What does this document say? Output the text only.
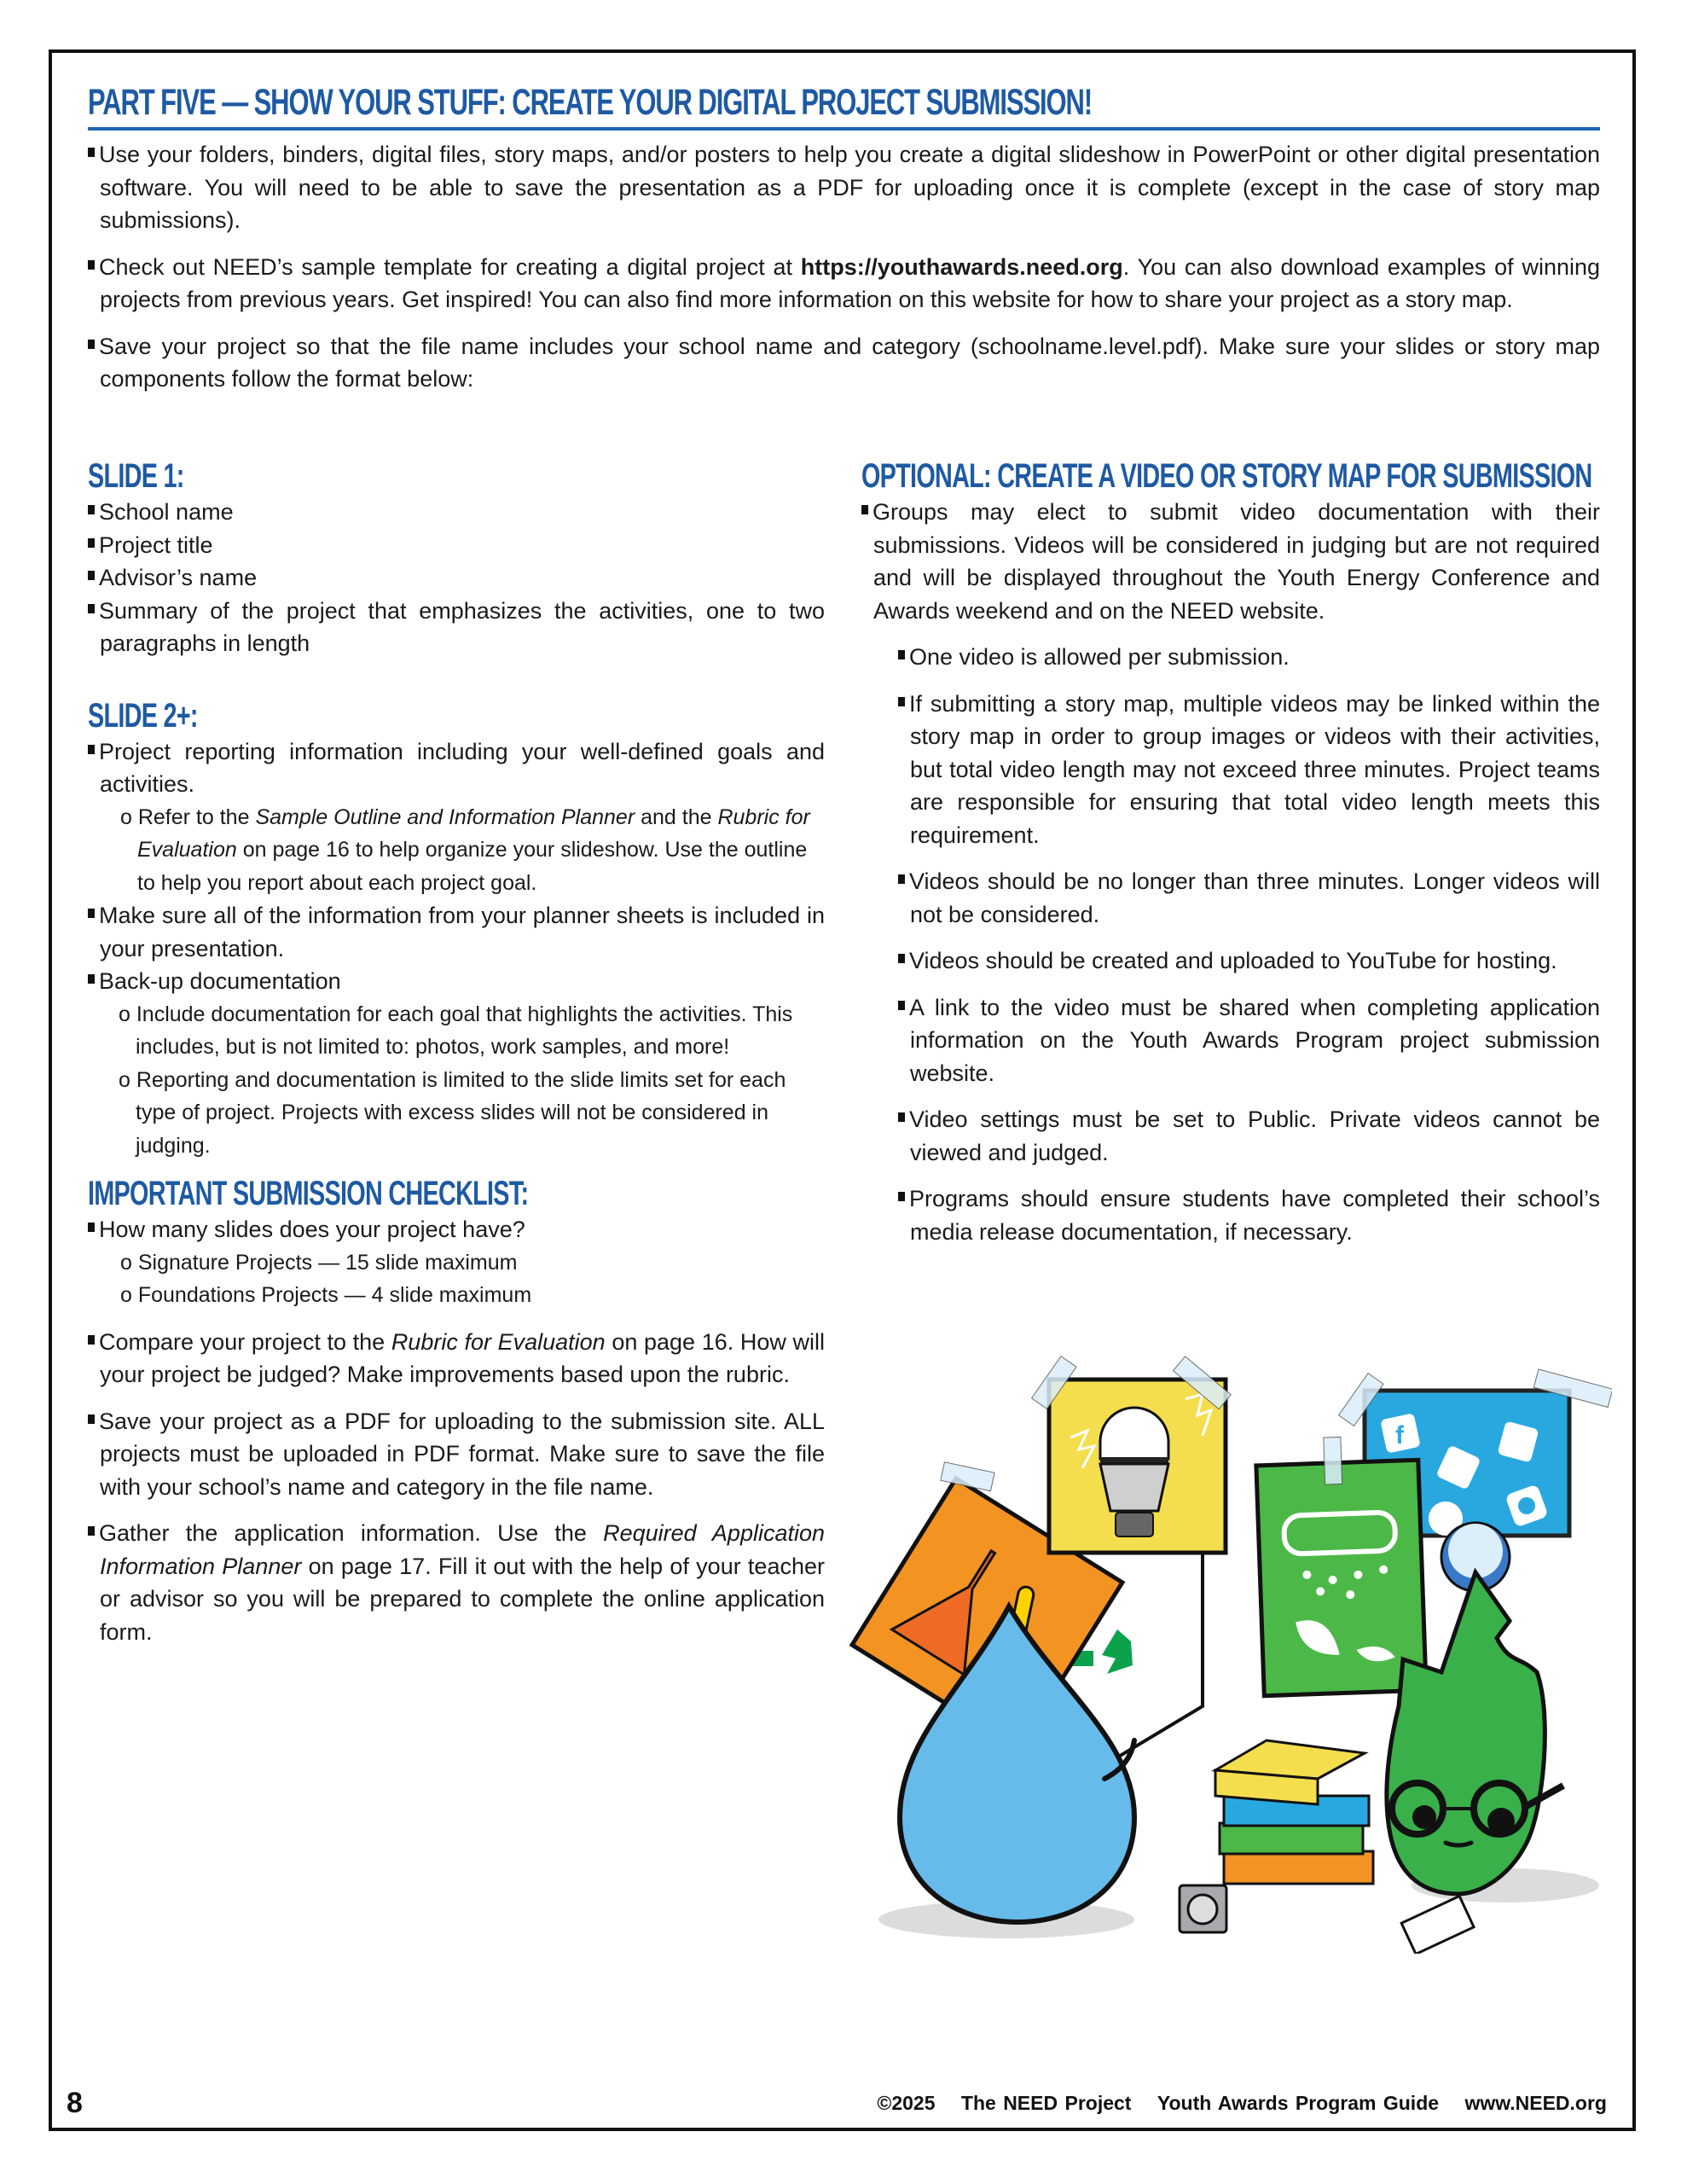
PART FIVE — SHOW YOUR STUFF: CREATE YOUR DIGITAL PROJECT SUBMISSION!

Use your folders, binders, digital files, story maps, and/or posters to help you create a digital slideshow in PowerPoint or other digital presentation software. You will need to be able to save the presentation as a PDF for uploading once it is complete (except in the case of story map submissions).

Check out NEED’s sample template for creating a digital project at https://youthawards.need.org. You can also download examples of winning projects from previous years. Get inspired! You can also find more information on this website for how to share your project as a story map.

Save your project so that the file name includes your school name and category (schoolname.level.pdf). Make sure your slides or story map components follow the format below:

SLIDE 1:

School name

Project title

Advisor’s name

Summary of the project that emphasizes the activities, one to two paragraphs in length

SLIDE 2+:

Project reporting information including your well-defined goals and activities.

o Refer to the Sample Outline and Information Planner and the Rubric for Evaluation on page 16 to help organize your slideshow. Use the outline to help you report about each project goal.

Make sure all of the information from your planner sheets is included in your presentation.

Back-up documentation

o Include documentation for each goal that highlights the activities. This includes, but is not limited to: photos, work samples, and more!

o Reporting and documentation is limited to the slide limits set for each type of project. Projects with excess slides will not be considered in judging.

IMPORTANT SUBMISSION CHECKLIST:

How many slides does your project have?

o Signature Projects — 15 slide maximum

o Foundations Projects — 4 slide maximum

Compare your project to the Rubric for Evaluation on page 16. How will your project be judged? Make improvements based upon the rubric.

Save your project as a PDF for uploading to the submission site. ALL projects must be uploaded in PDF format. Make sure to save the file with your school’s name and category in the file name.

Gather the application information. Use the Required Application Information Planner on page 17. Fill it out with the help of your teacher or advisor so you will be prepared to complete the online application form.

OPTIONAL: CREATE A VIDEO OR STORY MAP FOR SUBMISSION

Groups may elect to submit video documentation with their submissions. Videos will be considered in judging but are not required and will be displayed throughout the Youth Energy Conference and Awards weekend and on the NEED website.

One video is allowed per submission.

If submitting a story map, multiple videos may be linked within the story map in order to group images or videos with their activities, but total video length may not exceed three minutes. Project teams are responsible for ensuring that total video length meets this requirement.

Videos should be no longer than three minutes. Longer videos will not be considered.

Videos should be created and uploaded to YouTube for hosting.

A link to the video must be shared when completing application information on the Youth Awards Program project submission website.

Video settings must be set to Public. Private videos cannot be viewed and judged.

Programs should ensure students have completed their school’s media release documentation, if necessary.

f
8	©2025 The NEED Project Youth Awards Program Guide www.NEED.org
